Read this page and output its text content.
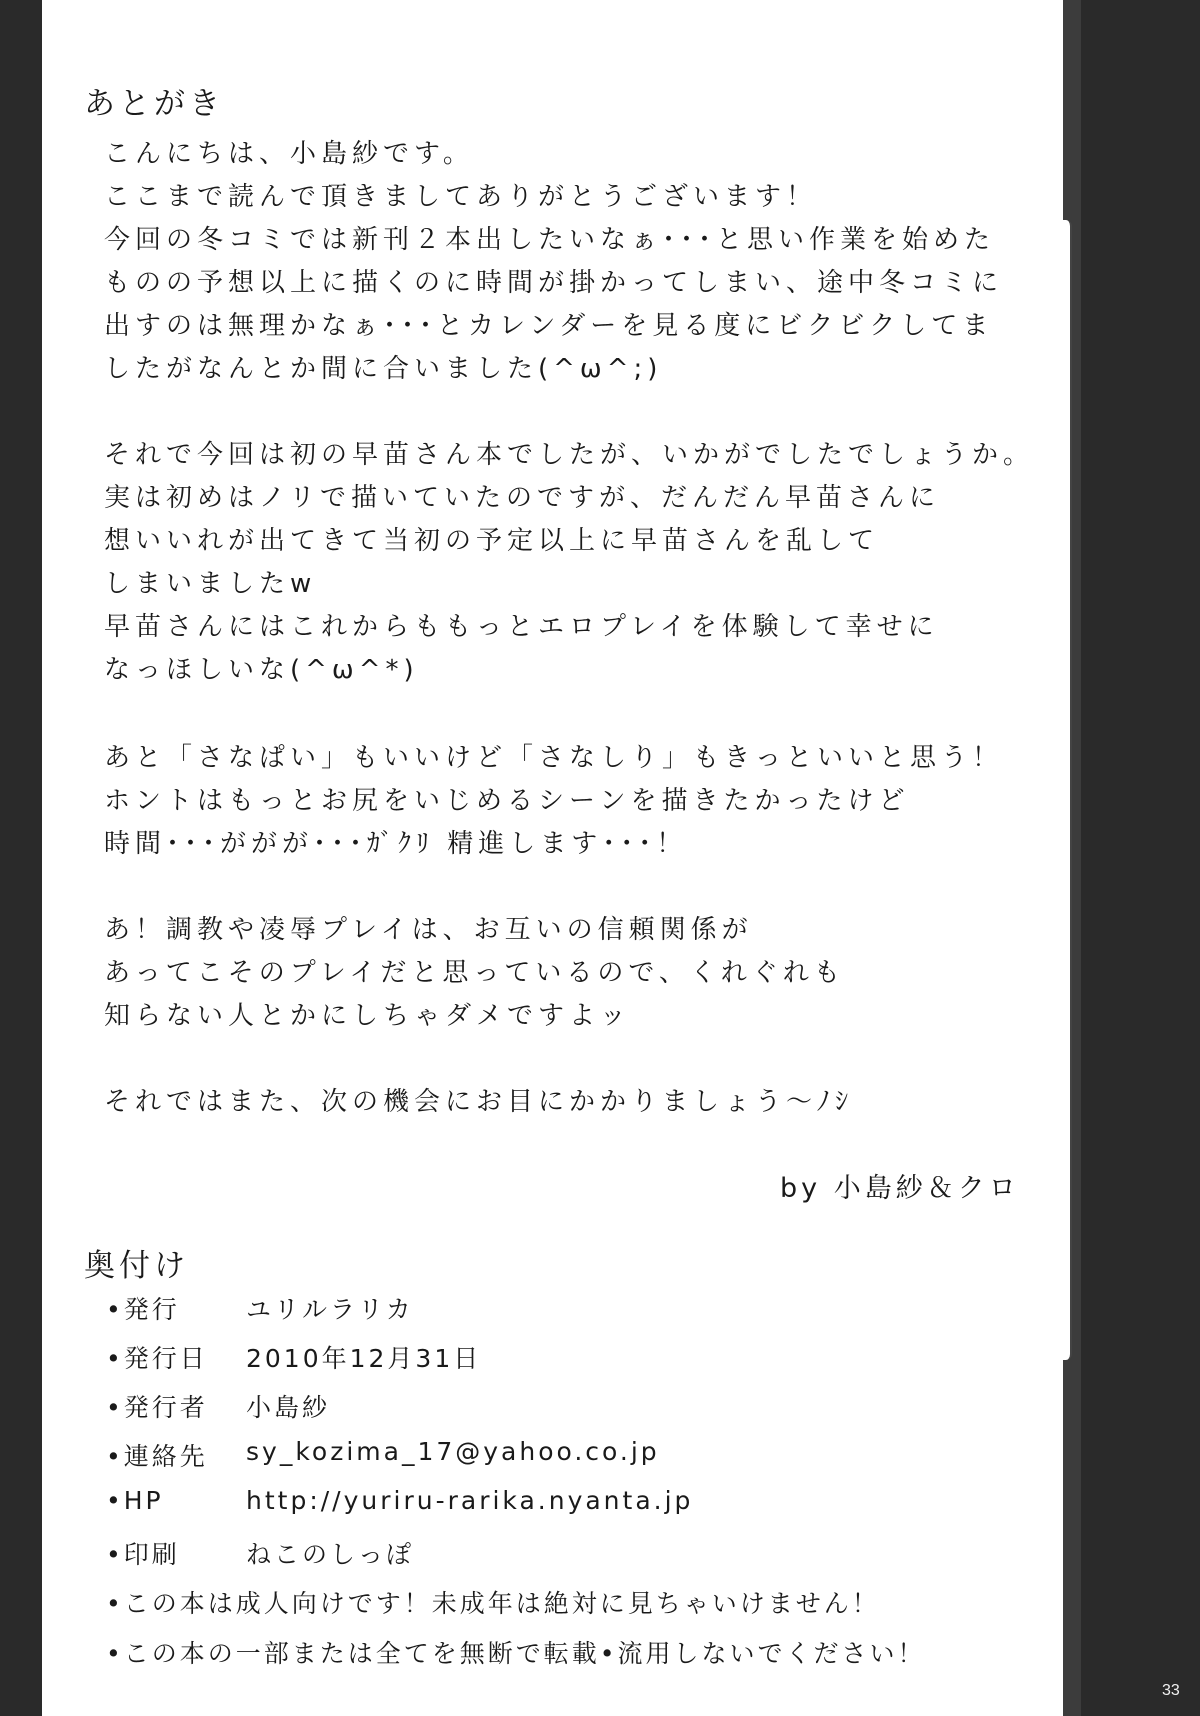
あとがき
こんにちは、小島紗です。
ここまで読んで頂きましてありがとうございます！
今回の冬コミでは新刊２本出したいなぁ･･･と思い作業を始めた
ものの予想以上に描くのに時間が掛かってしまい、途中冬コミに
出すのは無理かなぁ･･･とカレンダーを見る度にビクビクしてま
したがなんとか間に合いました(^ω^;)
それで今回は初の早苗さん本でしたが、いかがでしたでしょうか。
実は初めはノリで描いていたのですが、だんだん早苗さんに
想いいれが出てきて当初の予定以上に早苗さんを乱して
しまいましたw
早苗さんにはこれからももっとエロプレイを体験して幸せに
なっほしいな(^ω^*)
あと「さなぱい」もいいけど「さなしり」もきっといいと思う！
ホントはもっとお尻をいじめるシーンを描きたかったけど
時間･･･ががが･･･ｶﾞｸﾘ 精進します･･･！
あ！調教や凌辱プレイは、お互いの信頼関係が
あってこそのプレイだと思っているので、くれぐれも
知らない人とかにしちゃダメですよッ
それではまた、次の機会にお目にかかりましょう～ﾉｼ
by 小島紗＆クロ
奥付け
•発行	ユリルラリカ
•発行日 2010年12月31日
•発行者 小島紗
•連絡先 sy_kozima_17@yahoo.co.jp
•HP	http://yuriru-rarika.nyanta.jp
•印刷	ねこのしっぽ
•この本は成人向けです！未成年は絶対に見ちゃいけません！
•この本の一部または全てを無断で転載•流用しないでください！
33
